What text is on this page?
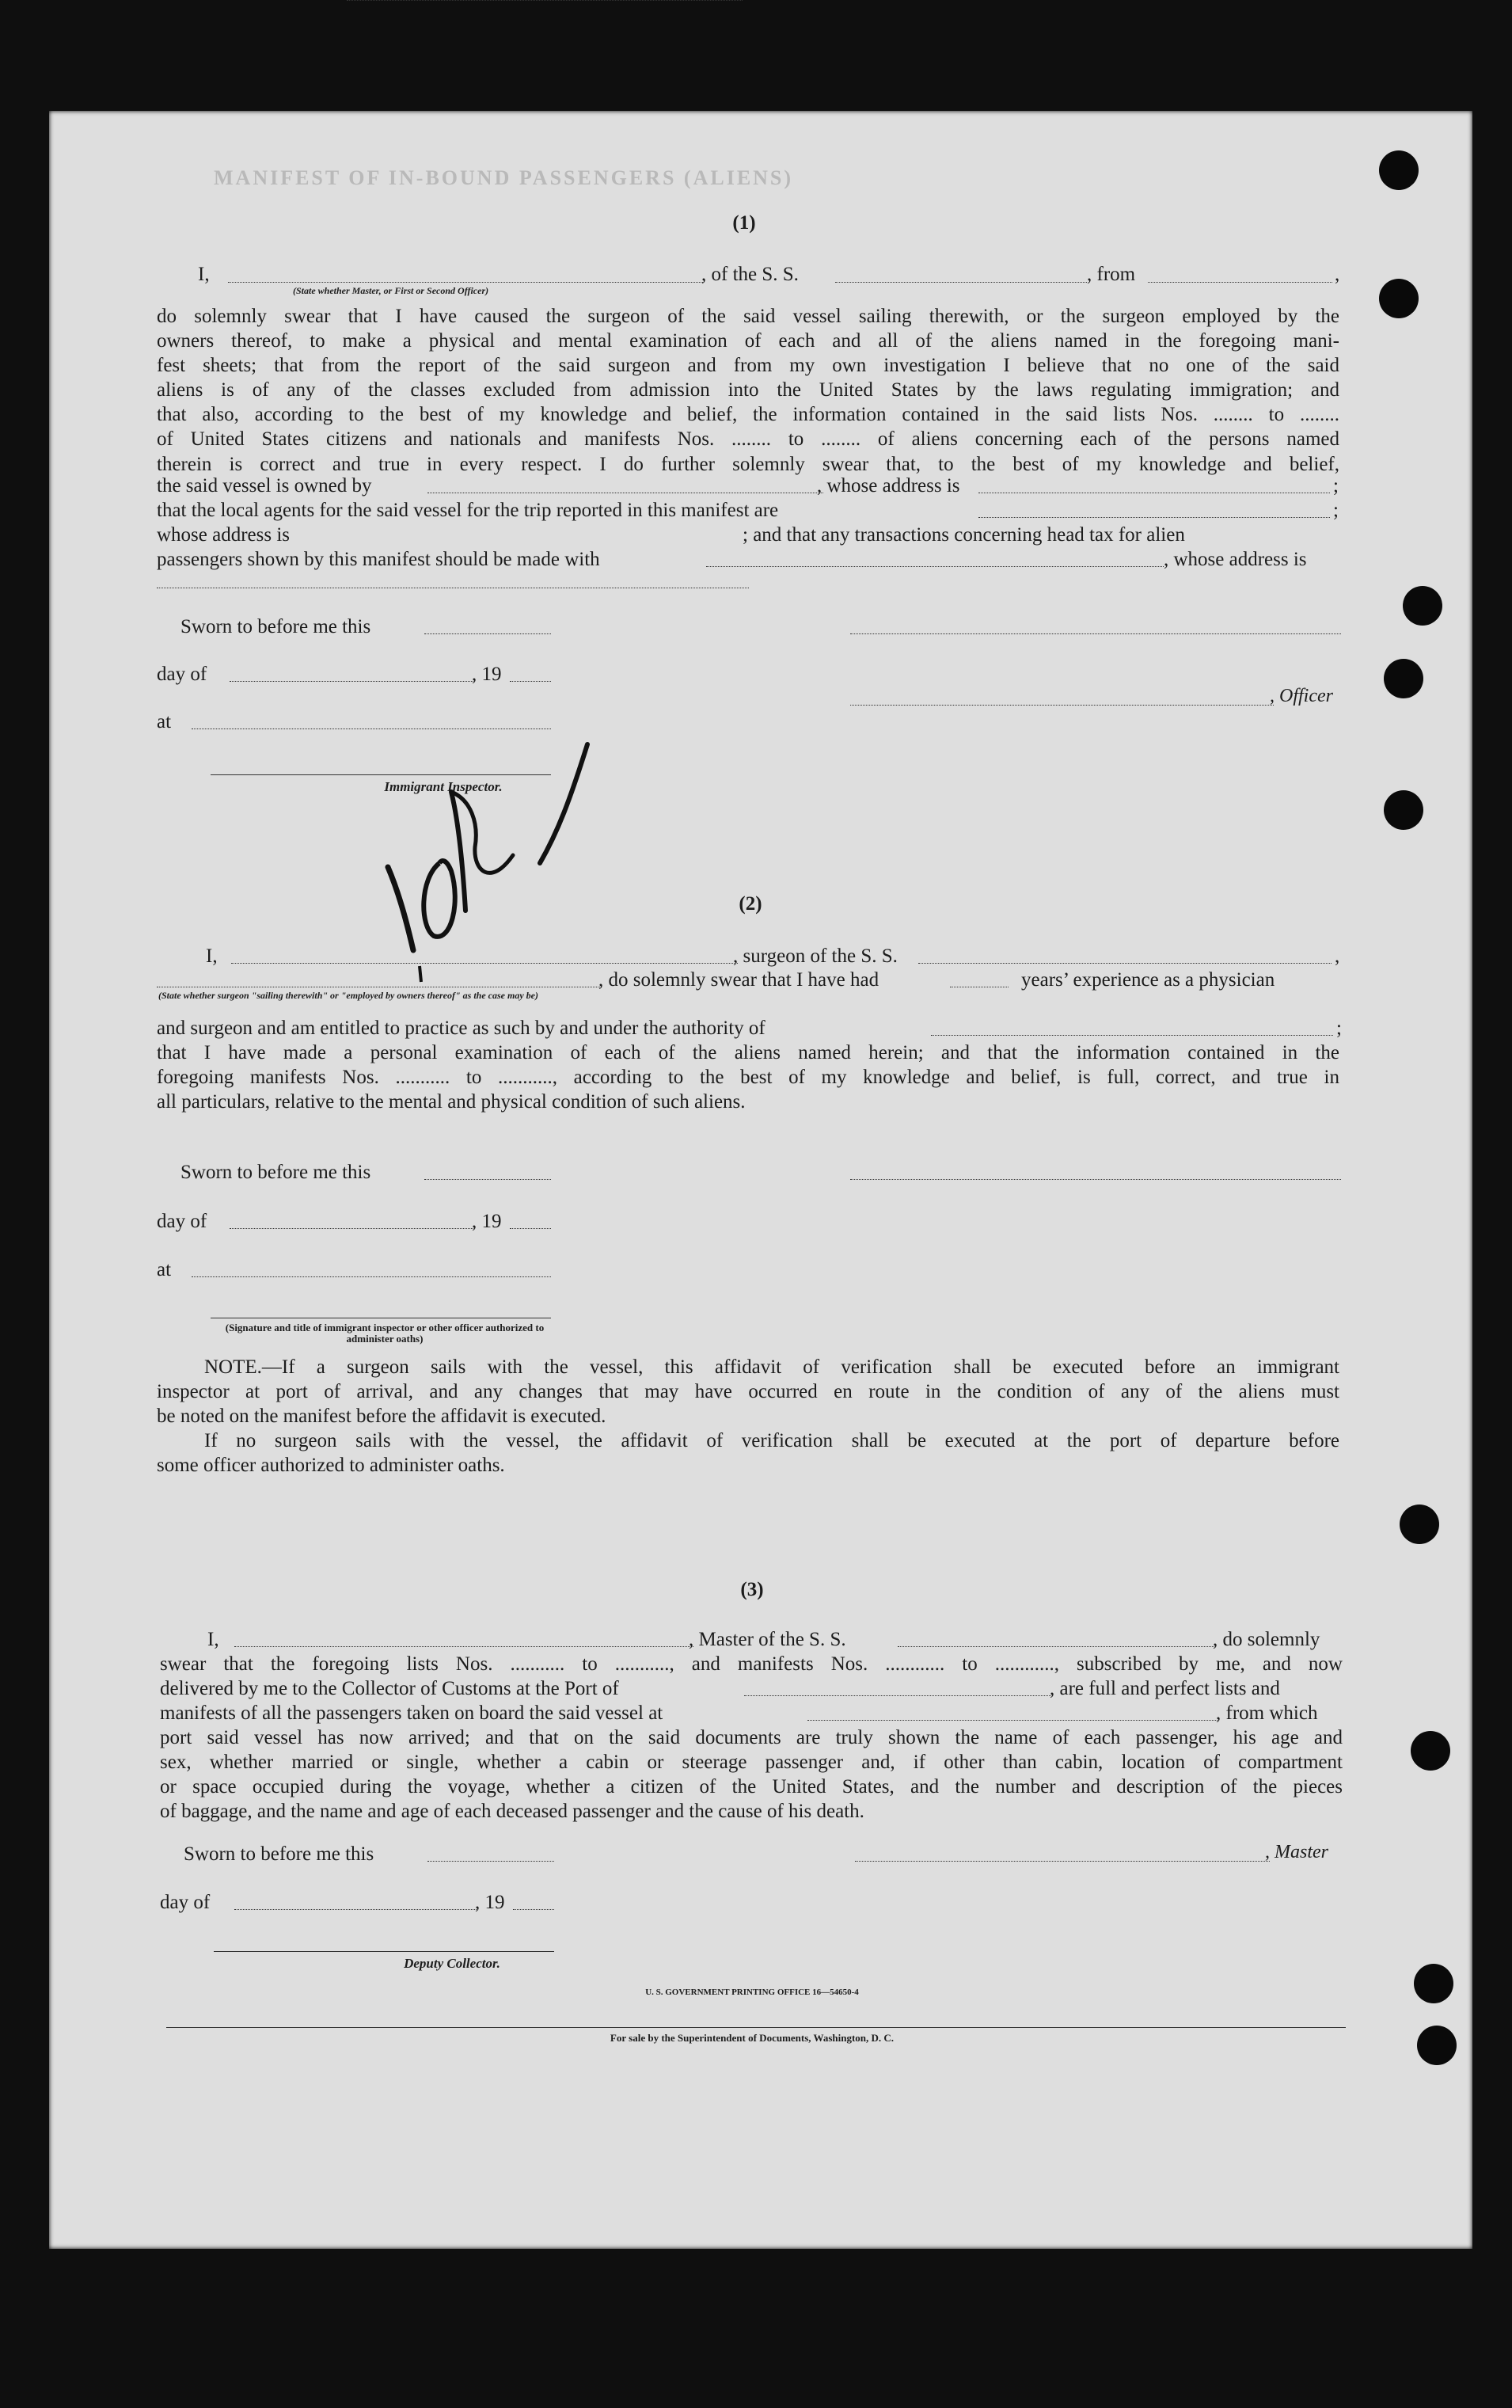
MANIFEST OF IN-BOUND PASSENGERS (ALIENS)
(1)
I,
(State whether Master, or First or Second Officer)
, of the S. S.	, from	,
do solemnly swear that I have caused the surgeon of the said vessel sailing therewith, or the surgeon employed by the
owners thereof, to make a physical and mental examination of each and all of the aliens named in the foregoing mani-
fest sheets; that from the report of the said surgeon and from my own investigation I believe that no one of the said
aliens is of any of the classes excluded from admission into the United States by the laws regulating immigration; and
that also, according to the best of my knowledge and belief, the information contained in the said lists Nos. ........ to ........
of United States citizens and nationals and manifests Nos. ........ to ........ of aliens concerning each of the persons named
therein is correct and true in every respect. I do further solemnly swear that, to the best of my knowledge and belief,
the said vessel is owned by	, whose address is	;
that the local agents for the said vessel for the trip reported in this manifest are	;
whose address is	; and that any transactions concerning head tax for alien
passengers shown by this manifest should be made with	, whose address is
Sworn to before me this
day of	, 19
at
Immigrant Inspector.
, Officer
(2)
I,	, surgeon of the S. S.	,
(State whether surgeon "sailing therewith" or "employed by owners thereof" as the case may be)
, do solemnly swear that I have had	years’ experience as a physician
and surgeon and am entitled to practice as such by and under the authority of	;
that I have made a personal examination of each of the aliens named herein; and that the information contained in the
foregoing manifests Nos. ........... to ..........., according to the best of my knowledge and belief, is full, correct, and true in
all particulars, relative to the mental and physical condition of such aliens.
Sworn to before me this
day of	, 19
at
(Signature and title of immigrant inspector or other officer authorized to administer oaths)
NOTE.—If a surgeon sails with the vessel, this affidavit of verification shall be executed before an immigrant
inspector at port of arrival, and any changes that may have occurred en route in the condition of any of the aliens must
be noted on the manifest before the affidavit is executed.
If no surgeon sails with the vessel, the affidavit of verification shall be executed at the port of departure before
some officer authorized to administer oaths.
(3)
I,	, Master of the S. S.	, do solemnly
swear that the foregoing lists Nos. ........... to ..........., and manifests Nos. ............ to ............, subscribed by me, and now
delivered by me to the Collector of Customs at the Port of	, are full and perfect lists and
manifests of all the passengers taken on board the said vessel at	, from which
port said vessel has now arrived; and that on the said documents are truly shown the name of each passenger, his age and
sex, whether married or single, whether a cabin or steerage passenger and, if other than cabin, location of compartment
or space occupied during the voyage, whether a citizen of the United States, and the number and description of the pieces
of baggage, and the name and age of each deceased passenger and the cause of his death.
Sworn to before me this
day of	, 19
Deputy Collector.
, Master
U. S. GOVERNMENT PRINTING OFFICE 16—54650-4
For sale by the Superintendent of Documents, Washington, D. C.
